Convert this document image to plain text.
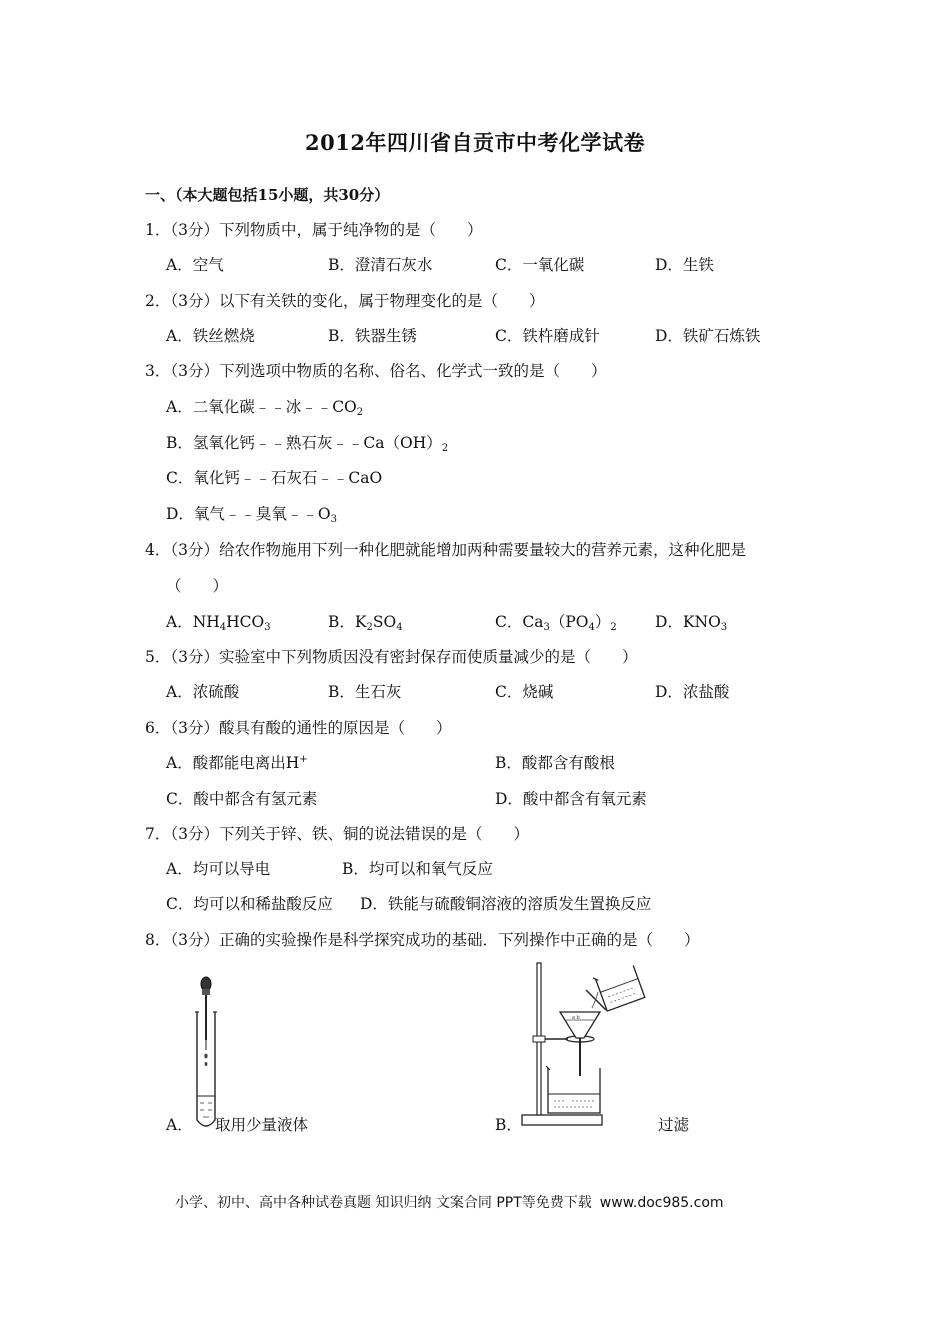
2012年四川省自贡市中考化学试卷
一、（本大题包括15小题，共30分）
1．（3分）下列物质中，属于纯净物的是（　　）
A．空气	B．澄清石灰水	C．一氧化碳	D．生铁
2．（3分）以下有关铁的变化，属于物理变化的是（　　）
A．铁丝燃烧	B．铁器生锈	C．铁杵磨成针	D．铁矿石炼铁
3．（3分）下列选项中物质的名称、俗名、化学式一致的是（　　）
A．二氧化碳﹣﹣冰$﹣﹣CO_2$
B．氢氧化钙﹣﹣熟石灰$﹣﹣Ca(OH)_2$
C．氧化钙﹣﹣石灰石﹣﹣CaO
D．氧气﹣﹣臭氧$﹣﹣O_3$
4．（3分）给农作物施用下列一种化肥就能增加两种需要量较大的营养元素，这种化肥是
（　　）
A．$NH_4HCO_3$	B．$K_2SO_4$	C．$Ca_3(PO_4)_2$ D．$KNO_3$
5．（3分）实验室中下列物质因没有密封保存而使质量减少的是（　　）
A．浓硫酸	B．生石灰	C．烧碱	D．浓盐酸
6．（3分）酸具有酸的通性的原因是（　　）
A．酸都能电离出H+	B．酸都含有酸根
C．酸中都含有氢元素	D．酸中都含有氧元素
7．（3分）下列关于锌、铁、铜的说法错误的是（　　）
A．均可以导电	B．均可以和氧气反应
C．均可以和稀盐酸反应 D．铁能与硫酸铜溶液的溶质发生置换反应
8．（3分）正确的实验操作是科学探究成功的基础．下列操作中正确的是（　　）
A． 取用少量液体
a b
B．	过滤
小学、初中、高中各种试卷真题 知识归纳 文案合同 PPT等免费下载 www.doc985.com
